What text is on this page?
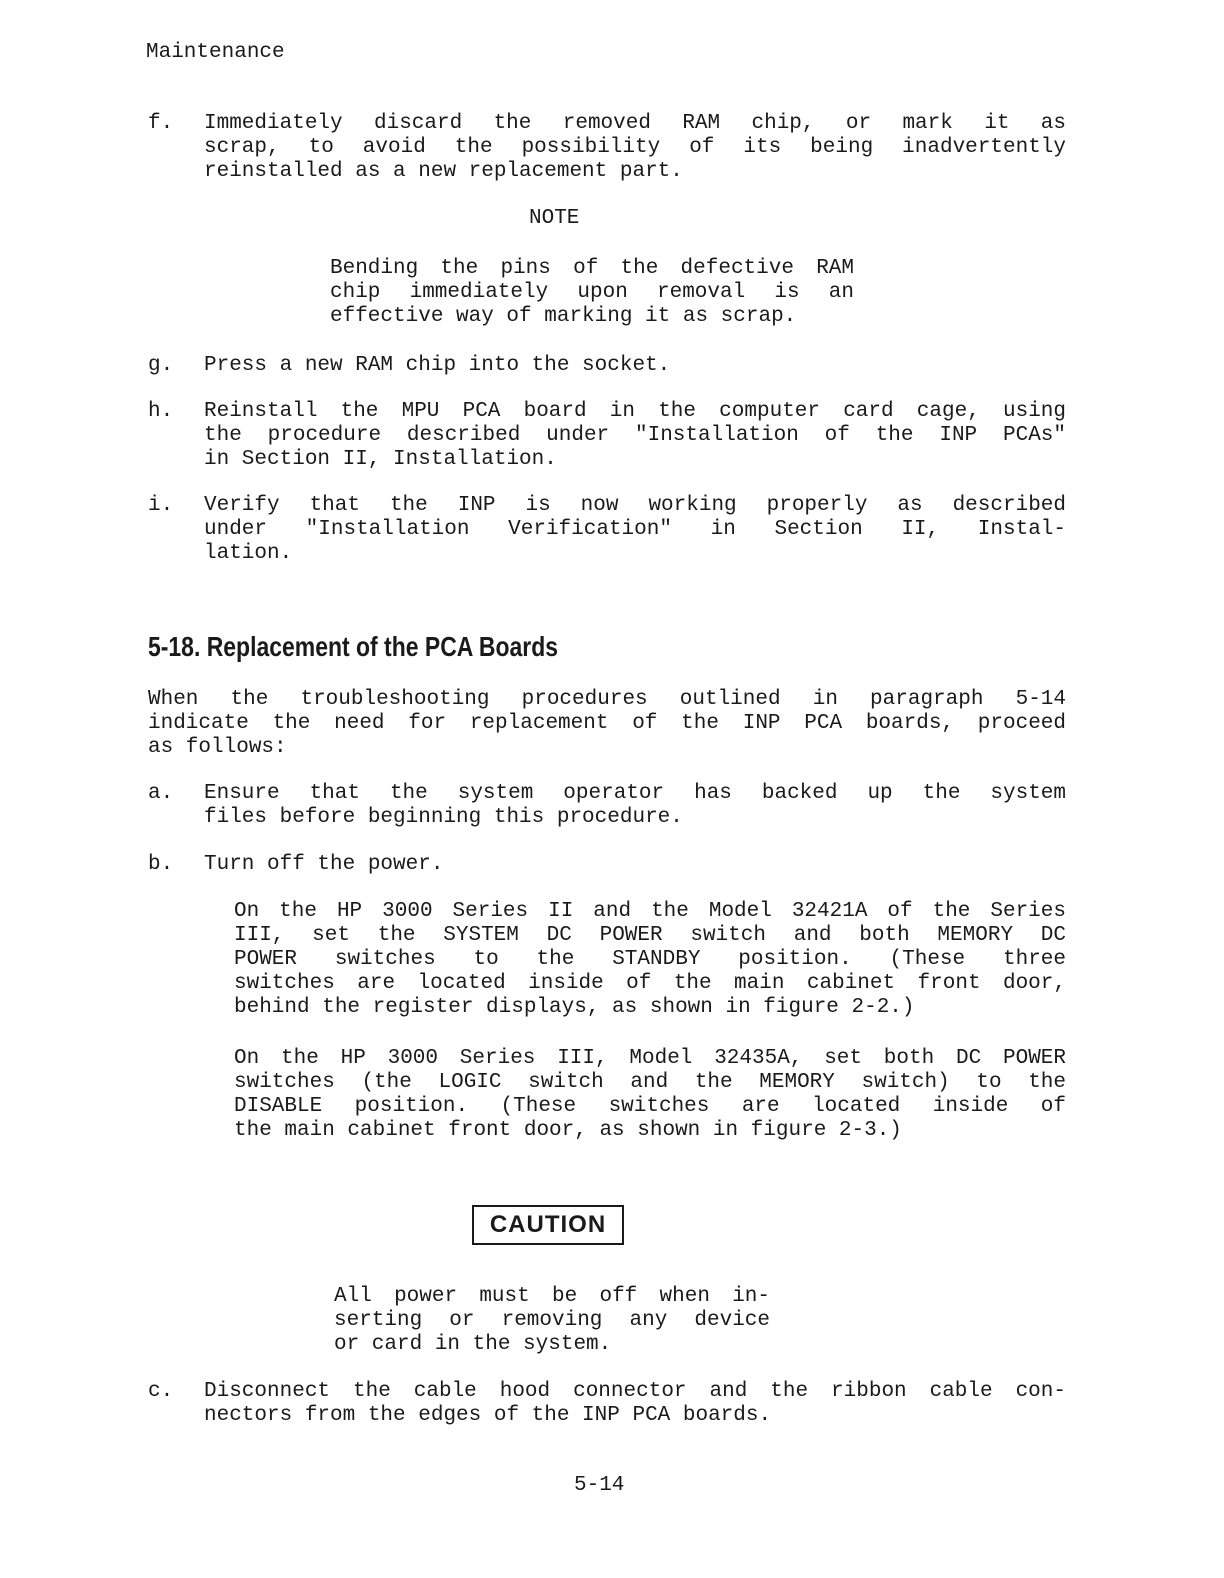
Maintenance
f. Immediately discard the removed RAM chip, or mark it as
scrap, to avoid the possibility of its being inadvertently
reinstalled as a new replacement part.
NOTE
Bending the pins of the defective RAM
chip immediately upon removal is an
effective way of marking it as scrap.
g. Press a new RAM chip into the socket.
h. Reinstall the MPU PCA board in the computer card cage, using
the procedure described under "Installation of the INP PCAs"
in Section II, Installation.
i. Verify that the INP is now working properly as described
under "Installation Verification" in Section II, Instal-
lation.
5-18. Replacement of the PCA Boards
When the troubleshooting procedures outlined in paragraph 5-14
indicate the need for replacement of the INP PCA boards, proceed
as follows:
a. Ensure that the system operator has backed up the system
files before beginning this procedure.
b. Turn off the power.
On the HP 3000 Series II and the Model 32421A of the Series
III, set the SYSTEM DC POWER switch and both MEMORY DC
POWER switches to the STANDBY position. (These three
switches are located inside of the main cabinet front door,
behind the register displays, as shown in figure 2-2.)
On the HP 3000 Series III, Model 32435A, set both DC POWER
switches (the LOGIC switch and the MEMORY switch) to the
DISABLE position. (These switches are located inside of
the main cabinet front door, as shown in figure 2-3.)
CAUTION
All power must be off when in-
serting or removing any device
or card in the system.
c. Disconnect the cable hood connector and the ribbon cable con-
nectors from the edges of the INP PCA boards.
5-14
